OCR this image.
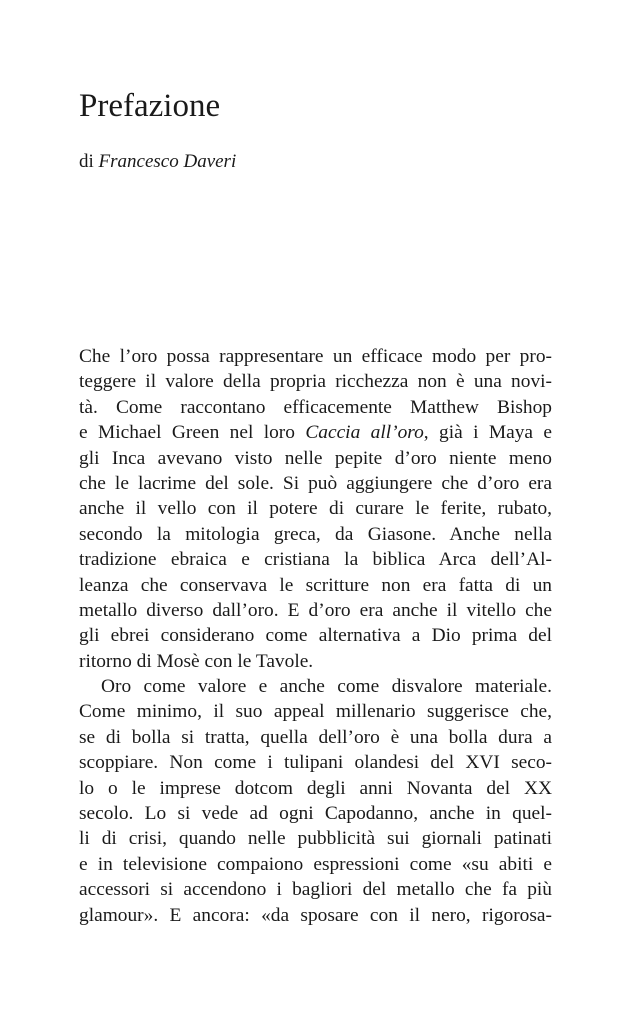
Prefazione
di Francesco Daveri
Che l’oro possa rappresentare un efficace modo per pro-
teggere il valore della propria ricchezza non è una novi-
tà. Come raccontano efficacemente Matthew Bishop
e Michael Green nel loro Caccia all’oro, già i Maya e
gli Inca avevano visto nelle pepite d’oro niente meno
che le lacrime del sole. Si può aggiungere che d’oro era
anche il vello con il potere di curare le ferite, rubato,
secondo la mitologia greca, da Giasone. Anche nella
tradizione ebraica e cristiana la biblica Arca dell’Al-
leanza che conservava le scritture non era fatta di un
metallo diverso dall’oro. E d’oro era anche il vitello che
gli ebrei considerano come alternativa a Dio prima del
ritorno di Mosè con le Tavole.
Oro come valore e anche come disvalore materiale.
Come minimo, il suo appeal millenario suggerisce che,
se di bolla si tratta, quella dell’oro è una bolla dura a
scoppiare. Non come i tulipani olandesi del XVI seco-
lo o le imprese dotcom degli anni Novanta del XX
secolo. Lo si vede ad ogni Capodanno, anche in quel-
li di crisi, quando nelle pubblicità sui giornali patinati
e in televisione compaiono espressioni come «su abiti e
accessori si accendono i bagliori del metallo che fa più
glamour». E ancora: «da sposare con il nero, rigorosa-
